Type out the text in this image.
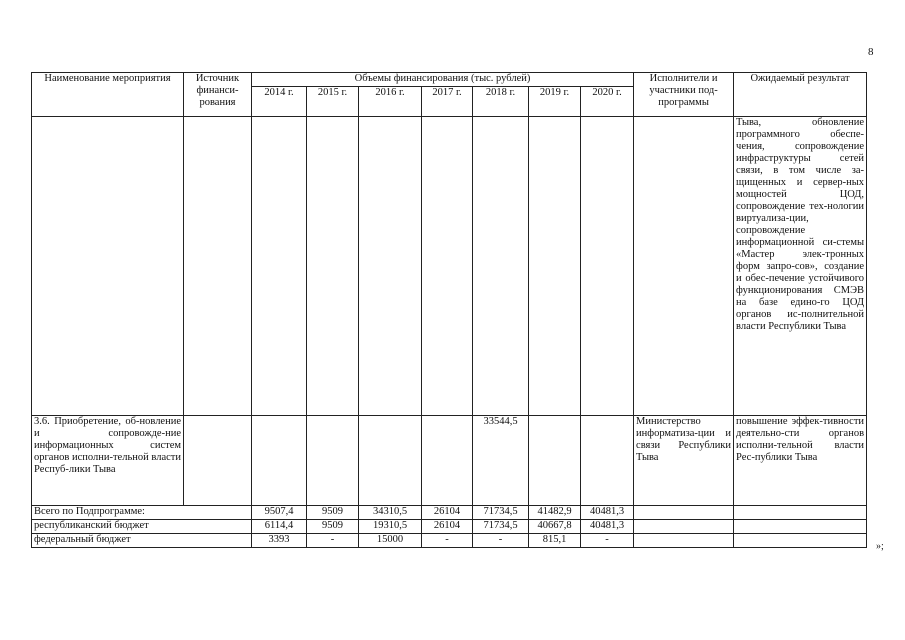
8
Наименование мероприятия	Источник финанси-рования	Объемы финансирования (тыс. рублей)							Исполнители и участники под-программы	Ожидаемый результат
		2014 г.	2015 г.	2016 г.	2017 г.	2018 г.	2019 г.	2020 г.		
										Тыва, обновление программного обеспе-чения, сопровождение инфраструктуры сетей связи, в том числе за-щищенных и сервер-ных мощностей ЦОД, сопровождение тех-нологии виртуализа-ции, сопровождение информационной си-стемы «Мастер элек-тронных форм запро-сов», создание и обес-печение устойчивого функционирования СМЭВ на базе едино-го ЦОД органов ис-полнительной власти Республики Тыва
3.6. Приобретение, об-новление и сопровожде-ние информационных систем органов исполни-тельной власти Респуб-лики Тыва						33544,5			Министерство информатиза-ции и связи Республики Тыва	повышение эффек-тивности деятельно-сти органов исполни-тельной власти Рес-публики Тыва
Всего по Подпрограмме:		9507,4	9509	34310,5	26104	71734,5	41482,9	40481,3		
республиканский бюджет		6114,4	9509	19310,5	26104	71734,5	40667,8	40481,3		
федеральный бюджет		3393	-	15000	-	-	815,1	-		
»;
